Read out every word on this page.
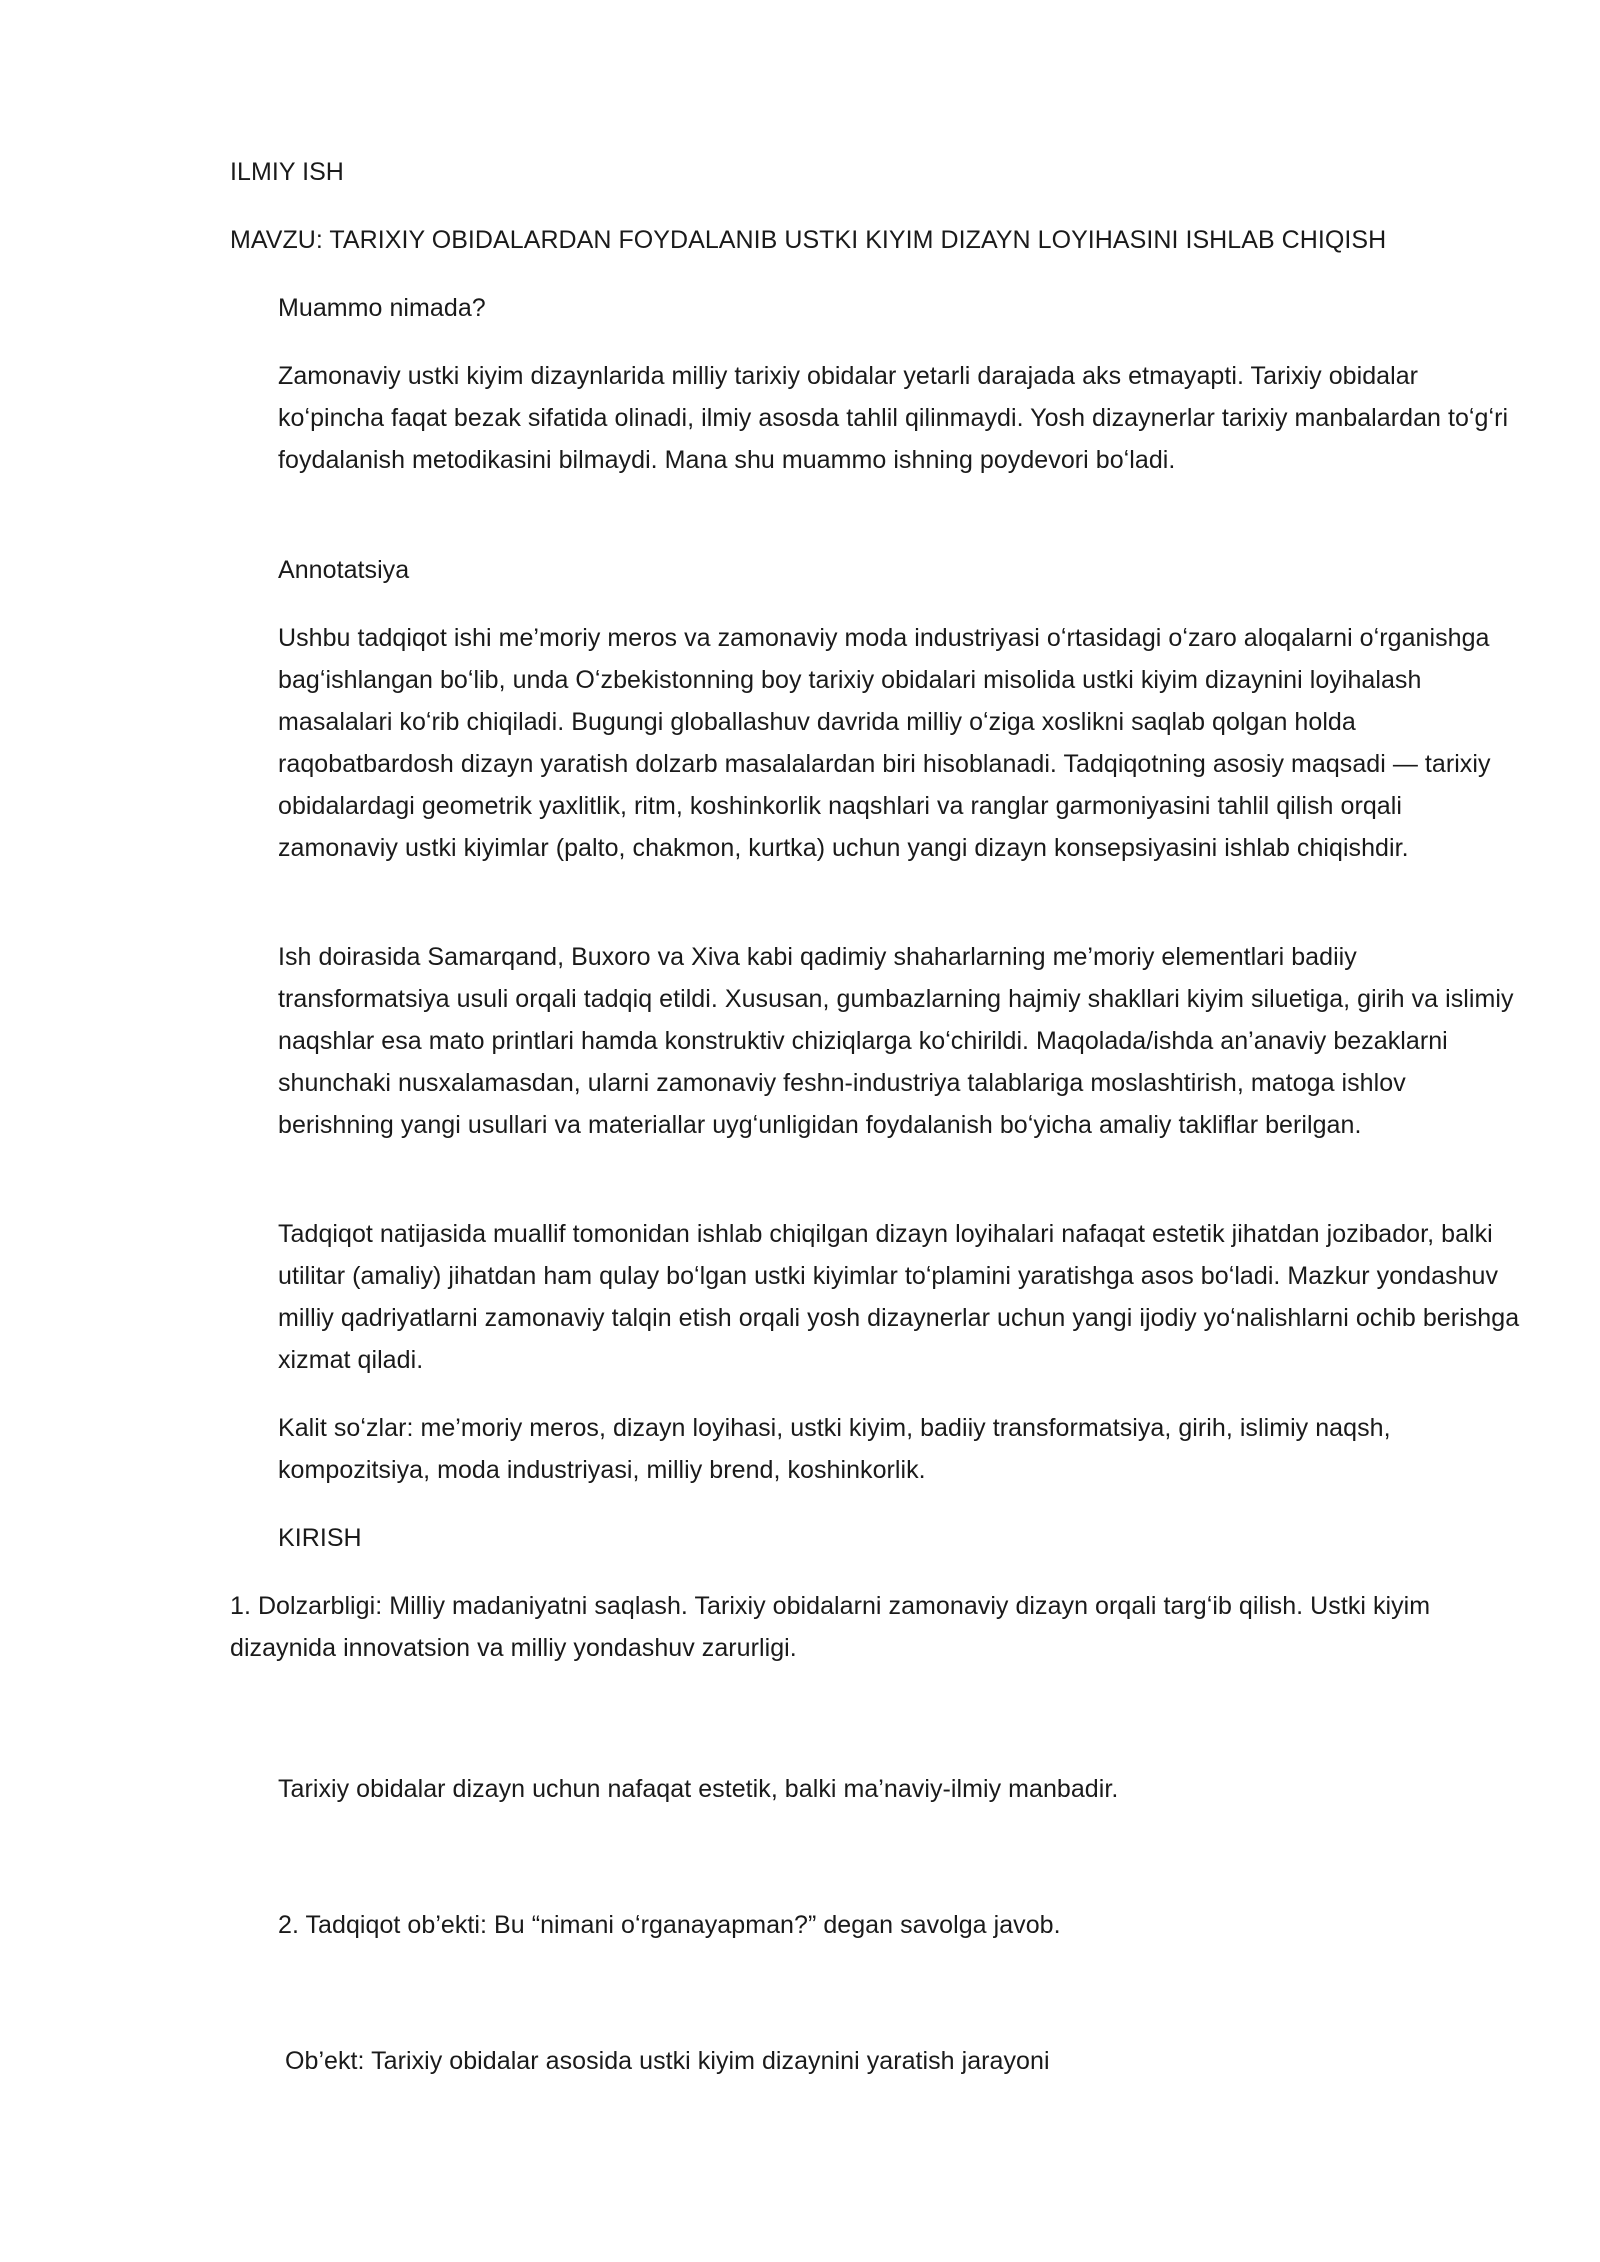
ILMIY ISH

MAVZU: TARIXIY OBIDALARDAN FOYDALANIB USTKI KIYIM DIZAYN LOYIHASINI ISHLAB CHIQISH

Muammo nimada?

Zamonaviy ustki kiyim dizaynlarida milliy tarixiy obidalar yetarli darajada aks etmayapti. Tarixiy obidalar koʻpincha faqat bezak sifatida olinadi, ilmiy asosda tahlil qilinmaydi. Yosh dizaynerlar tarixiy manbalardan toʻgʻri foydalanish metodikasini bilmaydi. Mana shu muammo ishning poydevori boʻladi.

Annotatsiya

Ushbu tadqiqot ishi me’moriy meros va zamonaviy moda industriyasi oʻrtasidagi oʻzaro aloqalarni oʻrganishga bagʻishlangan boʻlib, unda Oʻzbekistonning boy tarixiy obidalari misolida ustki kiyim dizaynini loyihalash masalalari koʻrib chiqiladi. Bugungi globallashuv davrida milliy oʻziga xoslikni saqlab qolgan holda raqobatbardosh dizayn yaratish dolzarb masalalardan biri hisoblanadi. Tadqiqotning asosiy maqsadi — tarixiy obidalardagi geometrik yaxlitlik, ritm, koshinkorlik naqshlari va ranglar garmoniyasini tahlil qilish orqali zamonaviy ustki kiyimlar (palto, chakmon, kurtka) uchun yangi dizayn konsepsiyasini ishlab chiqishdir.

Ish doirasida Samarqand, Buxoro va Xiva kabi qadimiy shaharlarning me’moriy elementlari badiiy transformatsiya usuli orqali tadqiq etildi. Xususan, gumbazlarning hajmiy shakllari kiyim siluetiga, girih va islimiy naqshlar esa mato printlari hamda konstruktiv chiziqlarga koʻchirildi. Maqolada/ishda an’anaviy bezaklarni shunchaki nusxalamasdan, ularni zamonaviy feshn-industriya talablariga moslashtirish, matoga ishlov berishning yangi usullari va materiallar uygʻunligidan foydalanish boʻyicha amaliy takliflar berilgan.

Tadqiqot natijasida muallif tomonidan ishlab chiqilgan dizayn loyihalari nafaqat estetik jihatdan jozibador, balki utilitar (amaliy) jihatdan ham qulay boʻlgan ustki kiyimlar toʻplamini yaratishga asos boʻladi. Mazkur yondashuv milliy qadriyatlarni zamonaviy talqin etish orqali yosh dizaynerlar uchun yangi ijodiy yoʻnalishlarni ochib berishga xizmat qiladi.

Kalit soʻzlar: me’moriy meros, dizayn loyihasi, ustki kiyim, badiiy transformatsiya, girih, islimiy naqsh, kompozitsiya, moda industriyasi, milliy brend, koshinkorlik.

KIRISH

1. Dolzarbligi: Milliy madaniyatni saqlash. Tarixiy obidalarni zamonaviy dizayn orqali targʻib qilish. Ustki kiyim dizaynida innovatsion va milliy yondashuv zarurligi.

Tarixiy obidalar dizayn uchun nafaqat estetik, balki ma’naviy-ilmiy manbadir.

2. Tadqiqot ob’ekti: Bu “nimani oʻrganayapman?” degan savolga javob.

Ob’ekt: Tarixiy obidalar asosida ustki kiyim dizaynini yaratish jarayoni
